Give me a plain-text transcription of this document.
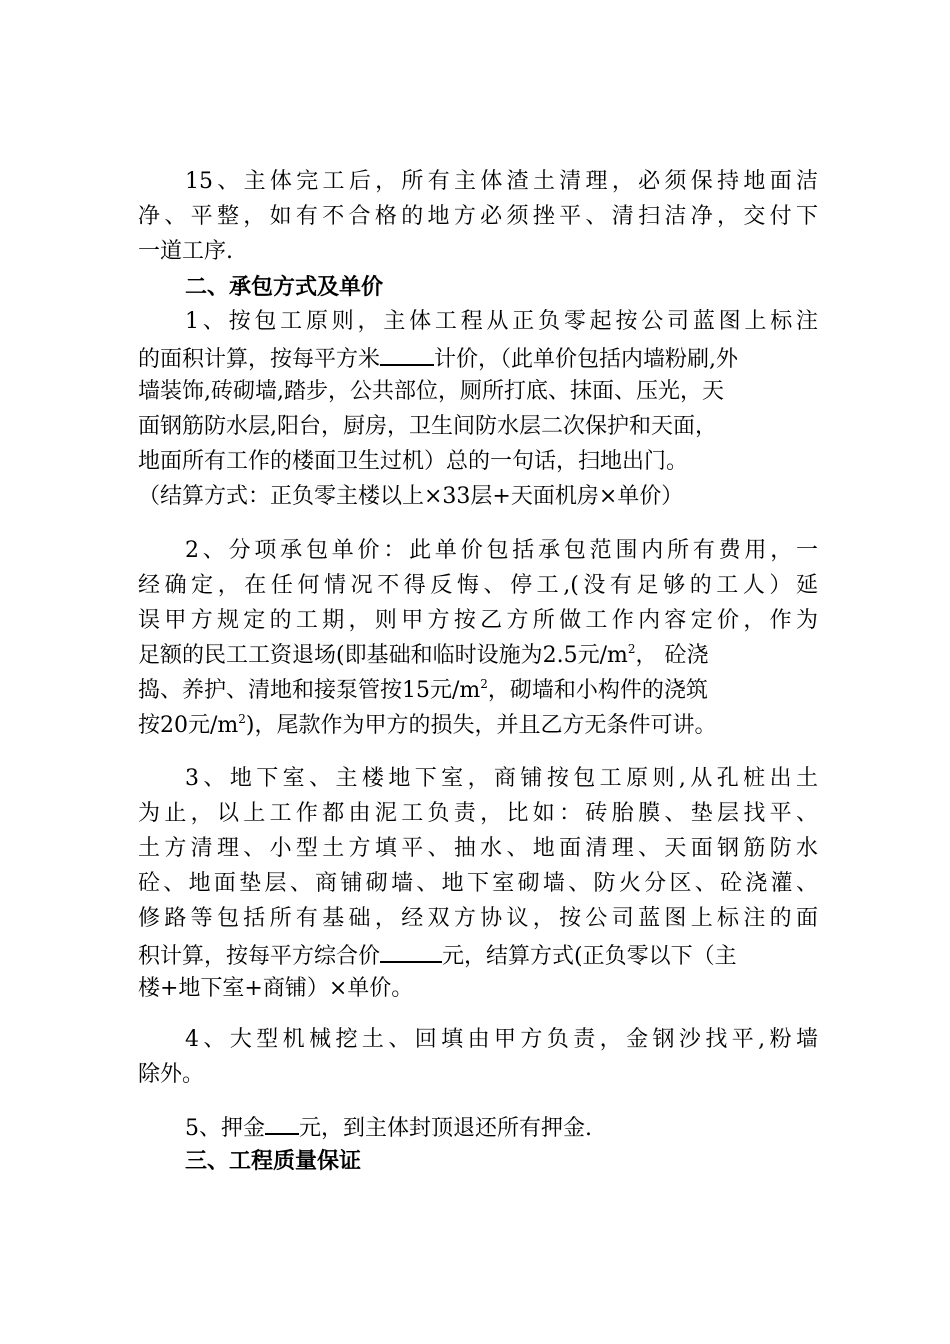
15、主体完工后，所有主体渣土清理，必须保持地面洁
净、平整，如有不合格的地方必须挫平、清扫洁净，交付下
一道工序.
二、承包方式及单价
1、按包工原则，主体工程从正负零起按公司蓝图上标注
的面积计算，按每平方米 计价，（此单价包括内墙粉刷,外
墙装饰,砖砌墙,踏步，公共部位，厕所打底、抹面、压光，天
面钢筋防水层,阳台，厨房，卫生间防水层二次保护和天面，
地面所有工作的楼面卫生过机）总的一句话，扫地出门。
（结算方式：正负零主楼以上×33层+天面机房×单价）
2、分项承包单价：此单价包括承包范围内所有费用，一
经确定，在任何情况不得反悔、停工,(没有足够的工人）延
误甲方规定的工期，则甲方按乙方所做工作内容定价，作为
足额的民工工资退场(即基础和临时设施为2.5元$/m^2$， 砼浇
捣、养护、清地和接泵管按15元$/m^2$，砌墙和小构件的浇筑
按20元$/m^2$)，尾款作为甲方的损失，并且乙方无条件可讲。
3、地下室、主楼地下室，商铺按包工原则,从孔桩出土
为止，以上工作都由泥工负责，比如：砖胎膜、垫层找平、
土方清理、小型土方填平、抽水、地面清理、天面钢筋防水
砼、地面垫层、商铺砌墙、地下室砌墙、防火分区、砼浇灌、
修路等包括所有基础，经双方协议，按公司蓝图上标注的面
积计算，按每平方综合价	元，结算方式(正负零以下（主
楼+地下室+商铺）×单价。
4、大型机械挖土、回填由甲方负责，金钢沙找平,粉墙
除外。
5、押金 元，到主体封顶退还所有押金.
三、工程质量保证
